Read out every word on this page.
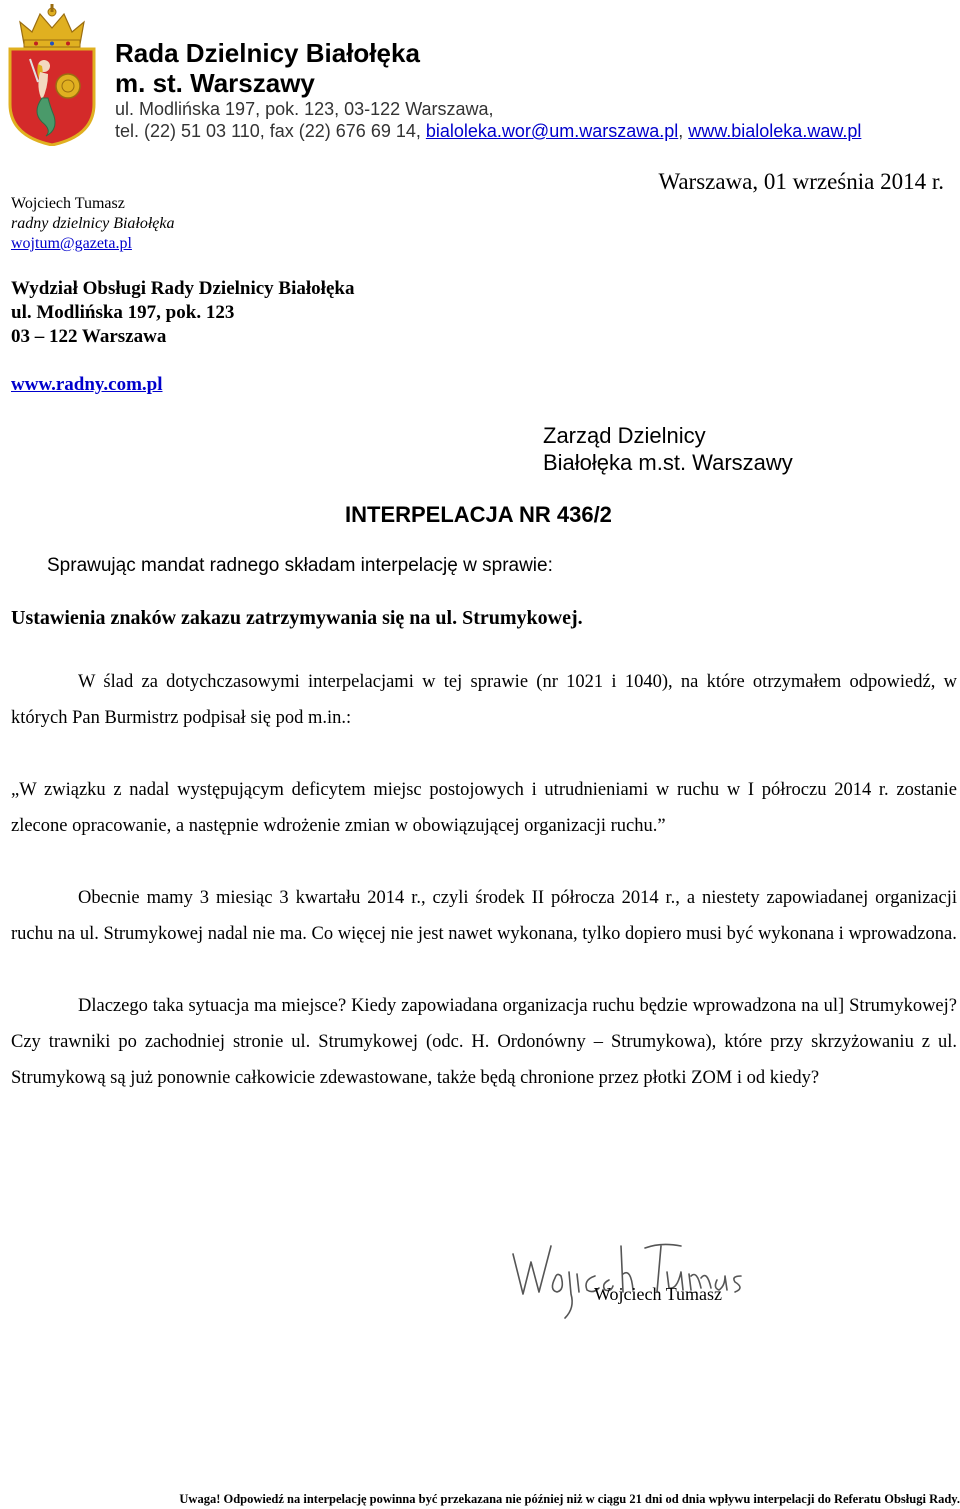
Rada Dzielnicy Białołęka
m. st. Warszawy
ul. Modlińska 197, pok. 123, 03-122 Warszawa,
tel. (22) 51 03 110, fax (22) 676 69 14, bialoleka.wor@um.warszawa.pl, www.bialoleka.waw.pl
Warszawa, 01 września 2014 r.
Wojciech Tumasz
radny dzielnicy Białołęka
wojtum@gazeta.pl
Wydział Obsługi Rady Dzielnicy Białołęka
ul. Modlińska 197, pok. 123
03 – 122 Warszawa
www.radny.com.pl
Zarząd Dzielnicy
Białołęka m.st. Warszawy
INTERPELACJA NR 436/2
Sprawując mandat radnego składam interpelację w sprawie:
Ustawienia znaków zakazu zatrzymywania się na ul. Strumykowej.
W ślad za dotychczasowymi interpelacjami w tej sprawie (nr 1021 i 1040), na które otrzymałem odpowiedź, w których Pan Burmistrz podpisał się pod m.in.:
„W związku z nadal występującym deficytem miejsc postojowych i utrudnieniami w ruchu w I półroczu 2014 r. zostanie zlecone opracowanie, a następnie wdrożenie zmian w obowiązującej organizacji ruchu.”
Obecnie mamy 3 miesiąc 3 kwartału 2014 r., czyli środek II półrocza 2014 r., a niestety zapowiadanej organizacji ruchu na ul. Strumykowej nadal nie ma. Co więcej nie jest nawet wykonana, tylko dopiero musi być wykonana i wprowadzona.
Dlaczego taka sytuacja ma miejsce? Kiedy zapowiadana organizacja ruchu będzie wprowadzona na ul] Strumykowej? Czy trawniki po zachodniej stronie ul. Strumykowej (odc. H. Ordonówny – Strumykowa), które przy skrzyżowaniu z ul. Strumykową są już ponownie całkowicie zdewastowane, także będą chronione przez płotki ZOM i od kiedy?
Wojciech Tumasz
Uwaga! Odpowiedź na interpelację powinna być przekazana nie później niż w ciągu 21 dni od dnia wpływu interpelacji do Referatu Obsługi Rady.
